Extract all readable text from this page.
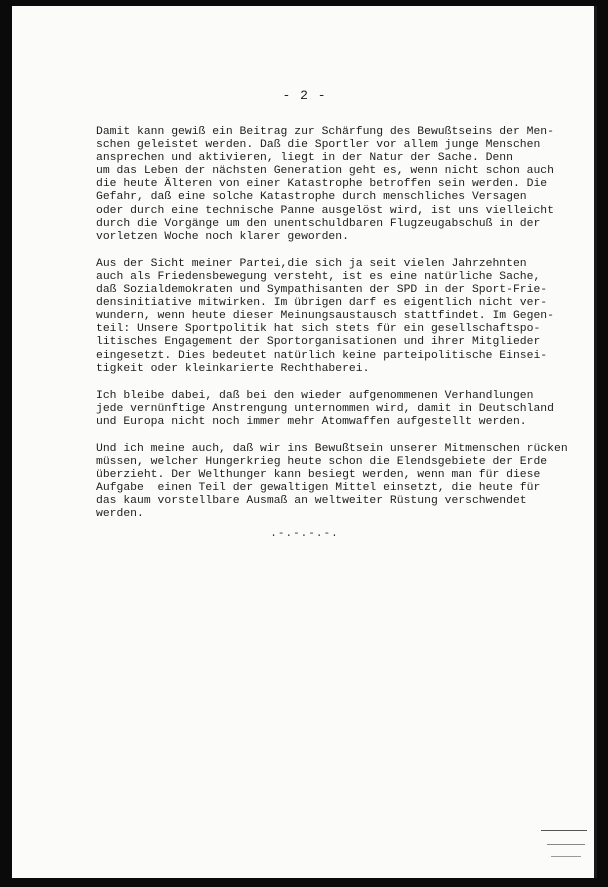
- 2 -

Damit kann gewiß ein Beitrag zur Schärfung des Bewußtseins der Men-
schen geleistet werden. Daß die Sportler vor allem junge Menschen
ansprechen und aktivieren, liegt in der Natur der Sache. Denn
um das Leben der nächsten Generation geht es, wenn nicht schon auch
die heute Älteren von einer Katastrophe betroffen sein werden. Die
Gefahr, daß eine solche Katastrophe durch menschliches Versagen
oder durch eine technische Panne ausgelöst wird, ist uns vielleicht
durch die Vorgänge um den unentschuldbaren Flugzeugabschuß in der
vorletzen Woche noch klarer geworden.

Aus der Sicht meiner Partei,die sich ja seit vielen Jahrzehnten
auch als Friedensbewegung versteht, ist es eine natürliche Sache,
daß Sozialdemokraten und Sympathisanten der SPD in der Sport-Frie-
densinitiative mitwirken. Im übrigen darf es eigentlich nicht ver-
wundern, wenn heute dieser Meinungsaustausch stattfindet. Im Gegen-
teil: Unsere Sportpolitik hat sich stets für ein gesellschaftspo-
litisches Engagement der Sportorganisationen und ihrer Mitglieder
eingesetzt. Dies bedeutet natürlich keine parteipolitische Einsei-
tigkeit oder kleinkarierte Rechthaberei.

Ich bleibe dabei, daß bei den wieder aufgenommenen Verhandlungen
jede vernünftige Anstrengung unternommen wird, damit in Deutschland
und Europa nicht noch immer mehr Atomwaffen aufgestellt werden.

Und ich meine auch, daß wir ins Bewußtsein unserer Mitmenschen rücken
müssen, welcher Hungerkrieg heute schon die Elendsgebiete der Erde
überzieht. Der Welthunger kann besiegt werden, wenn man für diese
Aufgabe  einen Teil der gewaltigen Mittel einsetzt, die heute für
das kaum vorstellbare Ausmaß an weltweiter Rüstung verschwendet
werden.

.-.-.-.-.
